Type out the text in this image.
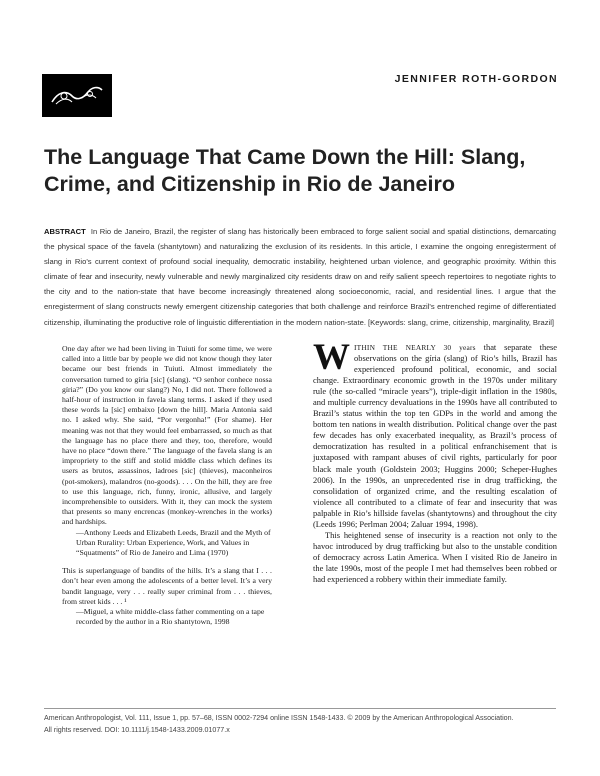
JENNIFER ROTH-GORDON
The Language That Came Down the Hill: Slang, Crime, and Citizenship in Rio de Janeiro

ABSTRACT In Rio de Janeiro, Brazil, the register of slang has historically been embraced to forge salient social and spatial distinctions, demarcating the physical space of the favela (shantytown) and naturalizing the exclusion of its residents. In this article, I examine the ongoing enregisterment of slang in Rio's current context of profound social inequality, democratic instability, heightened urban violence, and geographic proximity. Within this climate of fear and insecurity, newly vulnerable and newly marginalized city residents draw on and reify salient speech repertoires to negotiate rights to the city and to the nation-state that have become increasingly threatened along socioeconomic, racial, and residential lines. I argue that the enregisterment of slang constructs newly emergent citizenship categories that both challenge and reinforce Brazil's entrenched regime of differentiated citizenship, illuminating the productive role of linguistic differentiation in the modern nation-state. [Keywords: slang, crime, citizenship, marginality, Brazil]

One day after we had been living in Tuiuti for some time, we were called into a little bar by people we did not know though they later became our best friends in Tuiuti. Almost immediately the conversation turned to gíria [sic] (slang). “O senhor conhece nossa gíria?” (Do you know our slang?) No, I did not. There followed a half-hour of instruction in favela slang terms. I asked if they used these words la [sic] embaixo [down the hill]. Maria Antonia said no. I asked why. She said, “Por vergonha!” (For shame). Her meaning was not that they would feel embarrassed, so much as that the language has no place there and they, too, therefore, would have no place “down there.” The language of the favela slang is an impropriety to the stiff and stolid middle class which defines its users as brutos, assassinos, ladroes [sic] (thieves), maconheiros (pot-smokers), malandros (no-goods). . . . On the hill, they are free to use this language, rich, funny, ironic, allusive, and largely incomprehensible to outsiders. With it, they can mock the system that presents so many encrencas (monkey-wrenches in the works) and hardships.

—Anthony Leeds and Elizabeth Leeds, Brazil and the Myth of Urban Rurality: Urban Experience, Work, and Values in “Squatments” of Rio de Janeiro and Lima (1970)

This is superlanguage of bandits of the hills. It’s a slang that I . . . don’t hear even among the adolescents of a better level. It’s a very bandit language, very . . . really super criminal from . . . thieves, from street kids . . . ¹

—Miguel, a white middle-class father commenting on a tape recorded by the author in a Rio shantytown, 1998

WITHIN THE NEARLY 30 years that separate these observations on the gíria (slang) of Rio’s hills, Brazil has experienced profound political, economic, and social change. Extraordinary economic growth in the 1970s under military rule (the so-called “miracle years”), triple-digit inflation in the 1980s, and multiple currency devaluations in the 1990s have all contributed to Brazil’s status within the top ten GDPs in the world and among the bottom ten nations in wealth distribution. Political change over the past few decades has only exacerbated inequality, as Brazil’s process of democratization has resulted in a political enfranchisement that is juxtaposed with rampant abuses of civil rights, particularly for poor black male youth (Goldstein 2003; Huggins 2000; Scheper-Hughes 2006). In the 1990s, an unprecedented rise in drug trafficking, the consolidation of organized crime, and the resulting escalation of violence all contributed to a climate of fear and insecurity that was palpable in Rio’s hillside favelas (shantytowns) and throughout the city (Leeds 1996; Perlman 2004; Zaluar 1994, 1998).

This heightened sense of insecurity is a reaction not only to the havoc introduced by drug trafficking but also to the unstable condition of democracy across Latin America. When I visited Rio de Janeiro in the late 1990s, most of the people I met had themselves been robbed or had experienced a robbery within their immediate family.

American Anthropologist, Vol. 111, Issue 1, pp. 57–68, ISSN 0002-7294 online ISSN 1548-1433. © 2009 by the American Anthropological Association.

All rights reserved. DOI: 10.1111/j.1548-1433.2009.01077.x
